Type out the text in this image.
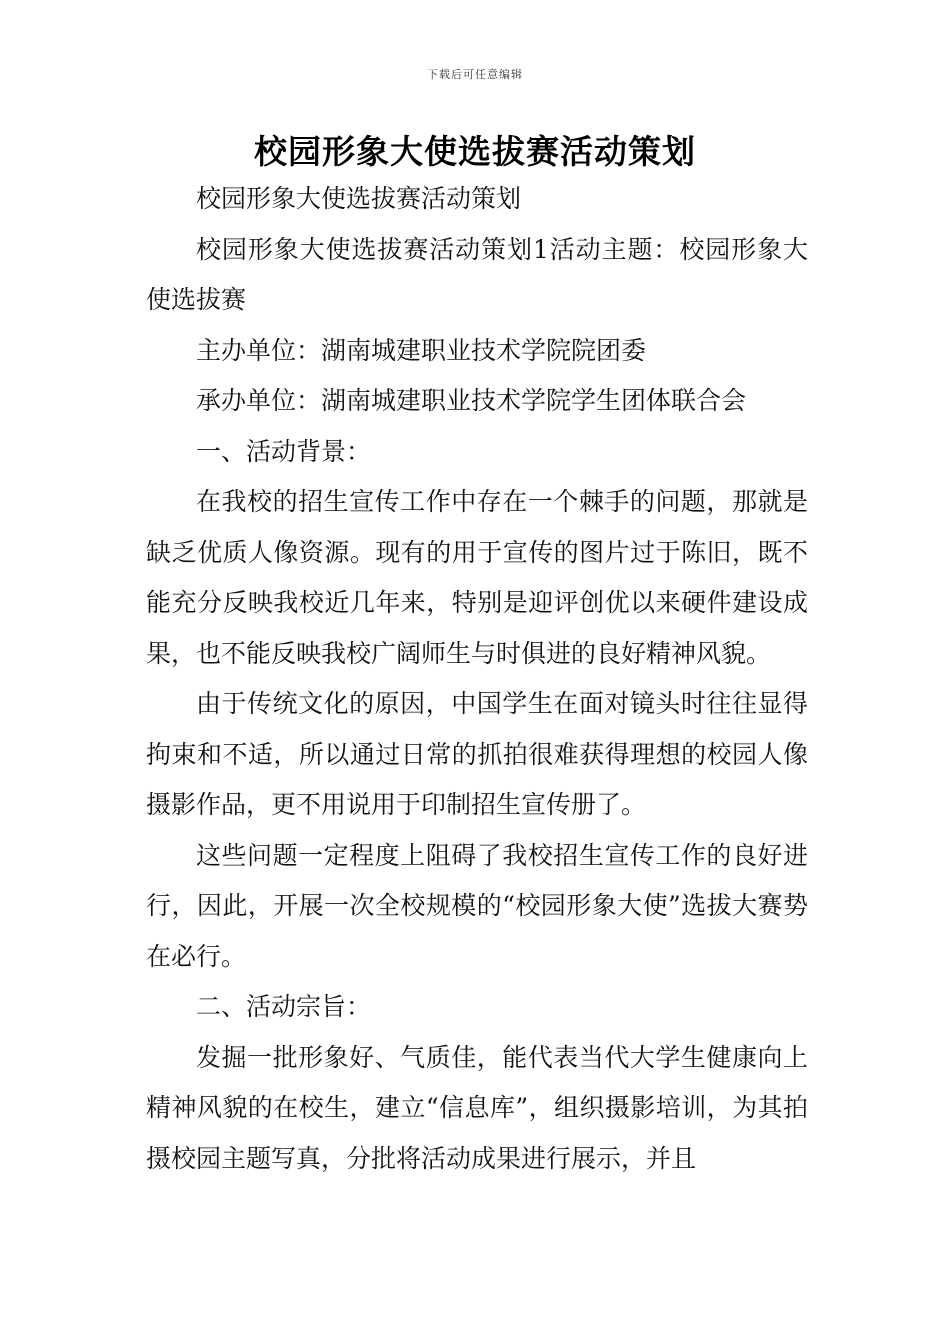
下载后可任意编辑
校园形象大使选拔赛活动策划

校园形象大使选拔赛活动策划

校园形象大使选拔赛活动策划1活动主题：校园形象大使选拔赛

主办单位：湖南城建职业技术学院院团委

承办单位：湖南城建职业技术学院学生团体联合会

一、活动背景：

在我校的招生宣传工作中存在一个棘手的问题，那就是缺乏优质人像资源。现有的用于宣传的图片过于陈旧，既不能充分反映我校近几年来，特别是迎评创优以来硬件建设成果，也不能反映我校广阔师生与时俱进的良好精神风貌。

由于传统文化的原因，中国学生在面对镜头时往往显得拘束和不适，所以通过日常的抓拍很难获得理想的校园人像摄影作品，更不用说用于印制招生宣传册了。

这些问题一定程度上阻碍了我校招生宣传工作的良好进行，因此，开展一次全校规模的“校园形象大使”选拔大赛势在必行。

二、活动宗旨：

发掘一批形象好、气质佳，能代表当代大学生健康向上精神风貌的在校生，建立“信息库”，组织摄影培训，为其拍摄校园主题写真，分批将活动成果进行展示，并且
